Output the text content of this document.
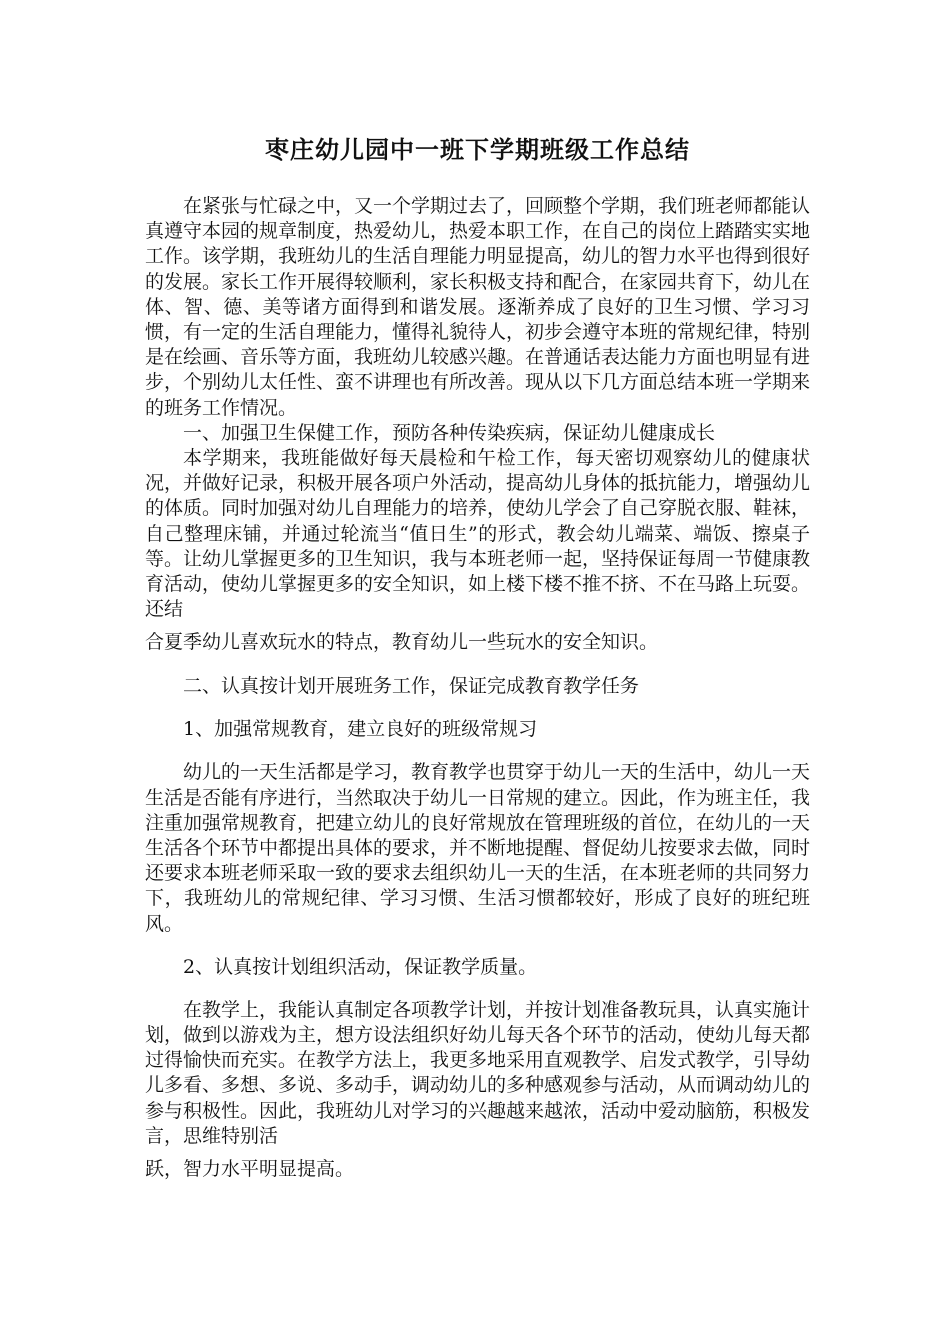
枣庄幼儿园中一班下学期班级工作总结

在紧张与忙碌之中，又一个学期过去了，回顾整个学期，我们班老师都能认真遵守本园的规章制度，热爱幼儿，热爱本职工作，在自己的岗位上踏踏实实地工作。该学期，我班幼儿的生活自理能力明显提高，幼儿的智力水平也得到很好的发展。家长工作开展得较顺利，家长积极支持和配合，在家园共育下，幼儿在体、智、德、美等诸方面得到和谐发展。逐渐养成了良好的卫生习惯、学习习惯，有一定的生活自理能力，懂得礼貌待人，初步会遵守本班的常规纪律，特别是在绘画、音乐等方面，我班幼儿较感兴趣。在普通话表达能力方面也明显有进步，个别幼儿太任性、蛮不讲理也有所改善。现从以下几方面总结本班一学期来的班务工作情况。

一、加强卫生保健工作，预防各种传染疾病，保证幼儿健康成长

本学期来，我班能做好每天晨检和午检工作，每天密切观察幼儿的健康状况，并做好记录，积极开展各项户外活动，提高幼儿身体的抵抗能力，增强幼儿的体质。同时加强对幼儿自理能力的培养，使幼儿学会了自己穿脱衣服、鞋袜，自己整理床铺，并通过轮流当“值日生”的形式，教会幼儿端菜、端饭、擦桌子等。让幼儿掌握更多的卫生知识，我与本班老师一起，坚持保证每周一节健康教育活动，使幼儿掌握更多的安全知识，如上楼下楼不推不挤、不在马路上玩耍。还结

合夏季幼儿喜欢玩水的特点，教育幼儿一些玩水的安全知识。

二、认真按计划开展班务工作，保证完成教育教学任务

1、加强常规教育，建立良好的班级常规习

幼儿的一天生活都是学习，教育教学也贯穿于幼儿一天的生活中，幼儿一天生活是否能有序进行，当然取决于幼儿一日常规的建立。因此，作为班主任，我注重加强常规教育，把建立幼儿的良好常规放在管理班级的首位，在幼儿的一天生活各个环节中都提出具体的要求，并不断地提醒、督促幼儿按要求去做，同时还要求本班老师采取一致的要求去组织幼儿一天的生活，在本班老师的共同努力下，我班幼儿的常规纪律、学习习惯、生活习惯都较好，形成了良好的班纪班风。

2、认真按计划组织活动，保证教学质量。

在教学上，我能认真制定各项教学计划，并按计划准备教玩具，认真实施计划，做到以游戏为主，想方设法组织好幼儿每天各个环节的活动，使幼儿每天都过得愉快而充实。在教学方法上，我更多地采用直观教学、启发式教学，引导幼儿多看、多想、多说、多动手，调动幼儿的多种感观参与活动，从而调动幼儿的参与积极性。因此，我班幼儿对学习的兴趣越来越浓，活动中爱动脑筋，积极发言，思维特别活

跃，智力水平明显提高。
